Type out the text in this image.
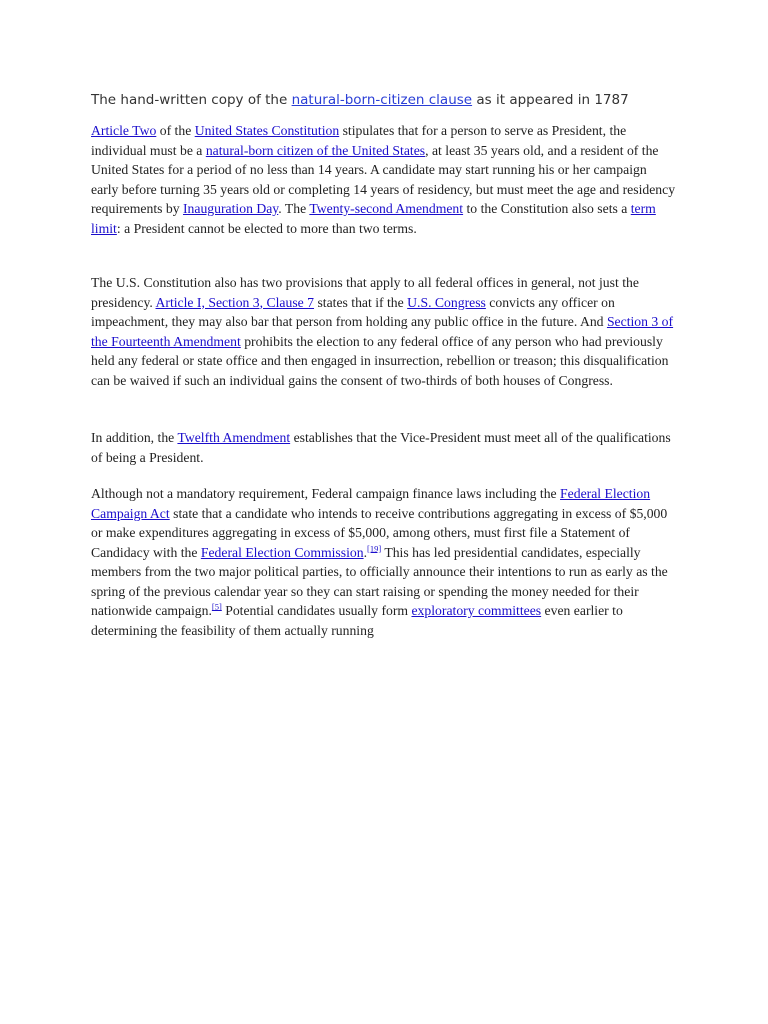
The hand-written copy of the natural-born-citizen clause as it appeared in 1787

Article Two of the United States Constitution stipulates that for a person to serve as President, the individual must be a natural-born citizen of the United States, at least 35 years old, and a resident of the United States for a period of no less than 14 years. A candidate may start running his or her campaign early before turning 35 years old or completing 14 years of residency, but must meet the age and residency requirements by Inauguration Day. The Twenty-second Amendment to the Constitution also sets a term limit: a President cannot be elected to more than two terms.

The U.S. Constitution also has two provisions that apply to all federal offices in general, not just the presidency. Article I, Section 3, Clause 7 states that if the U.S. Congress convicts any officer on impeachment, they may also bar that person from holding any public office in the future. And Section 3 of the Fourteenth Amendment prohibits the election to any federal office of any person who had previously held any federal or state office and then engaged in insurrection, rebellion or treason; this disqualification can be waived if such an individual gains the consent of two-thirds of both houses of Congress.

In addition, the Twelfth Amendment establishes that the Vice-President must meet all of the qualifications of being a President.

Although not a mandatory requirement, Federal campaign finance laws including the Federal Election Campaign Act state that a candidate who intends to receive contributions aggregating in excess of $5,000 or make expenditures aggregating in excess of $5,000, among others, must first file a Statement of Candidacy with the Federal Election Commission.[19] This has led presidential candidates, especially members from the two major political parties, to officially announce their intentions to run as early as the spring of the previous calendar year so they can start raising or spending the money needed for their nationwide campaign.[5] Potential candidates usually form exploratory committees even earlier to determining the feasibility of them actually running
